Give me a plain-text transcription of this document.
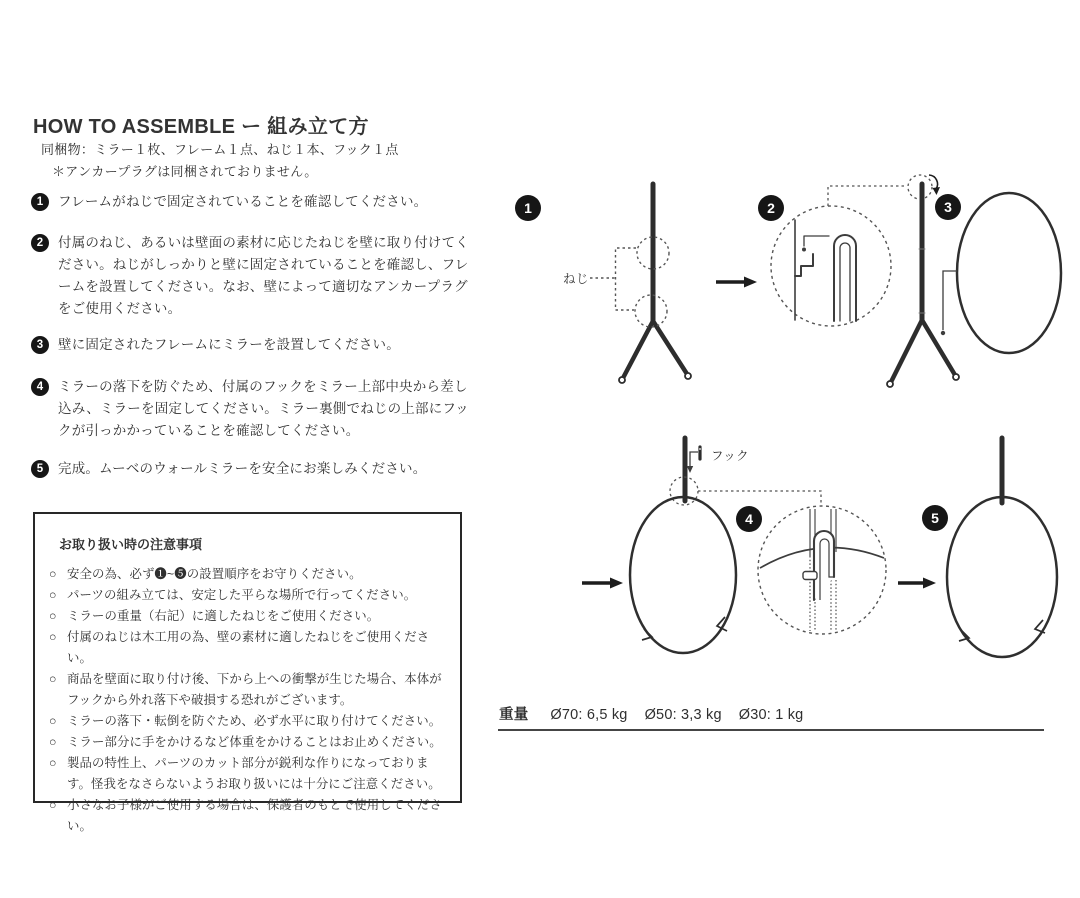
HOW TO ASSEMBLE ー 組み立て方
同梱物：ミラー１枚、フレーム１点、ねじ１本、フック１点
＊アンカープラグは同梱されておりません。
1	フレームがねじで固定されていることを確認してください。
2	付属のねじ、あるいは壁面の素材に応じたねじを壁に取り付けてください。ねじがしっかりと壁に固定されていることを確認し、フレームを設置してください。なお、壁によって適切なアンカープラグをご使用ください。
3	壁に固定されたフレームにミラーを設置してください。
4	ミラーの落下を防ぐため、付属のフックをミラー上部中央から差し込み、ミラーを固定してください。ミラー裏側でねじの上部にフックが引っかかっていることを確認してください。
5	完成。ムーベのウォールミラーを安全にお楽しみください。
お取り扱い時の注意事項
○ 安全の為、必ず❶~❺の設置順序をお守りください。
○ パーツの組み立ては、安定した平らな場所で行ってください。
○ ミラーの重量（右記）に適したねじをご使用ください。
○ 付属のねじは木工用の為、壁の素材に適したねじをご使用ください。
○ 商品を壁面に取り付け後、下から上への衝撃が生じた場合、本体がフックから外れ落下や破損する恐れがございます。
○ ミラーの落下・転倒を防ぐため、必ず水平に取り付けてください。
○ ミラー部分に手をかけるなど体重をかけることはお止めください。
○ 製品の特性上、パーツのカット部分が鋭利な作りになっております。怪我をなさらないようお取り扱いには十分にご注意ください。
○ 小さなお子様がご使用する場合は、保護者のもとで使用してください。
重量 Ø70: 6,5 kg Ø50: 3,3 kg Ø30: 1 kg
1
ねじ
2	3
フック
4	5
